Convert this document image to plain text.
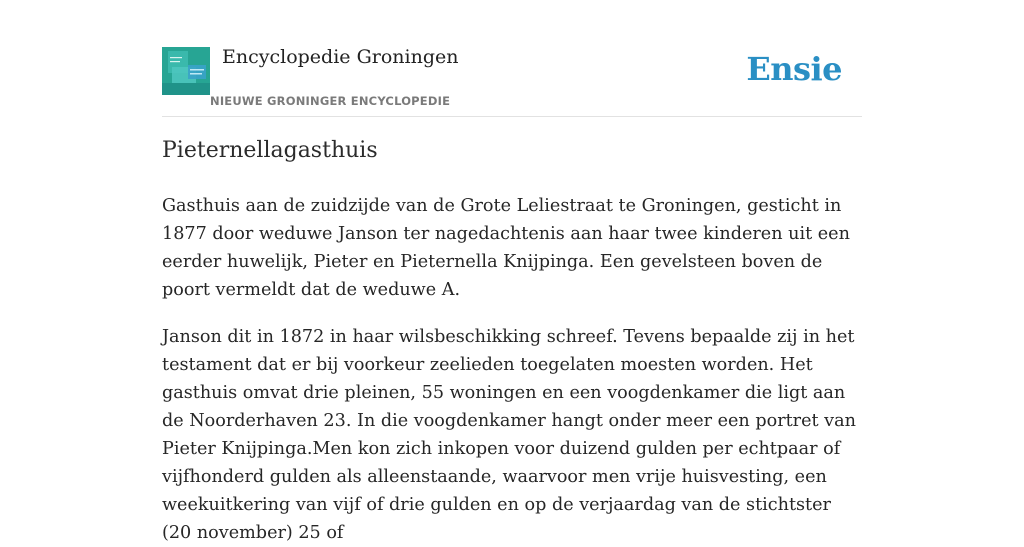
Encyclopedie Groningen
NIEUWE GRONINGER ENCYCLOPEDIE
Ensie
Pieternellagasthuis

Gasthuis aan de zuidzijde van de Grote Leliestraat te Groningen, gesticht in 1877 door weduwe Janson ter nagedachtenis aan haar twee kinderen uit een eerder huwelijk, Pieter en Pieternella Knijpinga. Een gevelsteen boven de poort vermeldt dat de weduwe A.

Janson dit in 1872 in haar wilsbeschikking schreef. Tevens bepaalde zij in het testament dat er bij voorkeur zeelieden toegelaten moesten worden. Het gasthuis omvat drie pleinen, 55 woningen en een voogdenkamer die ligt aan de Noorderhaven 23. In die voogdenkamer hangt onder meer een portret van Pieter Knijpinga.Men kon zich inkopen voor duizend gulden per echtpaar of vijfhonderd gulden als alleenstaande, waarvoor men vrije huisvesting, een weekuitkering van vijf of drie gulden en op de verjaardag van de stichtster (20 november) 25 of
